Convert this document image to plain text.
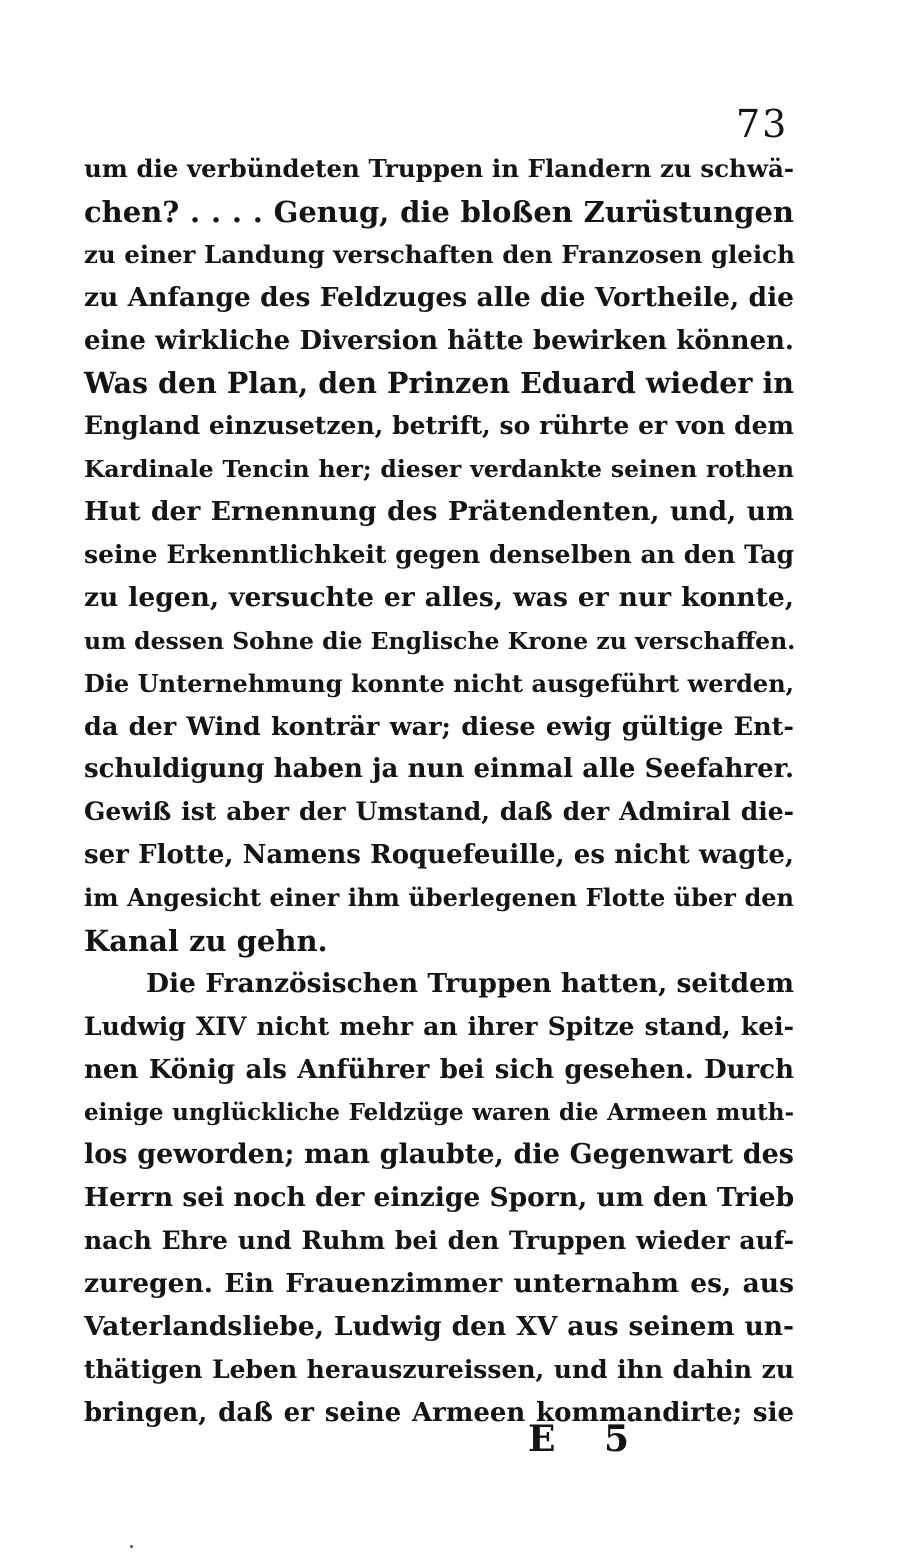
73
um die verbündeten Truppen in Flandern zu schwä-
chen? . . . . Genug, die bloßen Zurüstungen
zu einer Landung verschaften den Franzosen gleich
zu Anfange des Feldzuges alle die Vortheile, die
eine wirkliche Diversion hätte bewirken können.
Was den Plan, den Prinzen Eduard wieder in
England einzusetzen, betrift, so rührte er von dem
Kardinale Tencin her; dieser verdankte seinen rothen
Hut der Ernennung des Prätendenten, und, um
seine Erkenntlichkeit gegen denselben an den Tag
zu legen, versuchte er alles, was er nur konnte,
um dessen Sohne die Englische Krone zu verschaffen.
Die Unternehmung konnte nicht ausgeführt werden,
da der Wind konträr war; diese ewig gültige Ent-
schuldigung haben ja nun einmal alle Seefahrer.
Gewiß ist aber der Umstand, daß der Admiral die-
ser Flotte, Namens Roquefeuille, es nicht wagte,
im Angesicht einer ihm überlegenen Flotte über den
Kanal zu gehn.
Die Französischen Truppen hatten, seitdem
Ludwig XIV nicht mehr an ihrer Spitze stand, kei-
nen König als Anführer bei sich gesehen. Durch
einige unglückliche Feldzüge waren die Armeen muth-
los geworden; man glaubte, die Gegenwart des
Herrn sei noch der einzige Sporn, um den Trieb
nach Ehre und Ruhm bei den Truppen wieder auf-
zuregen. Ein Frauenzimmer unternahm es, aus
Vaterlandsliebe, Ludwig den XV aus seinem un-
thätigen Leben herauszureissen, und ihn dahin zu
bringen, daß er seine Armeen kommandirte; sie
E 5
